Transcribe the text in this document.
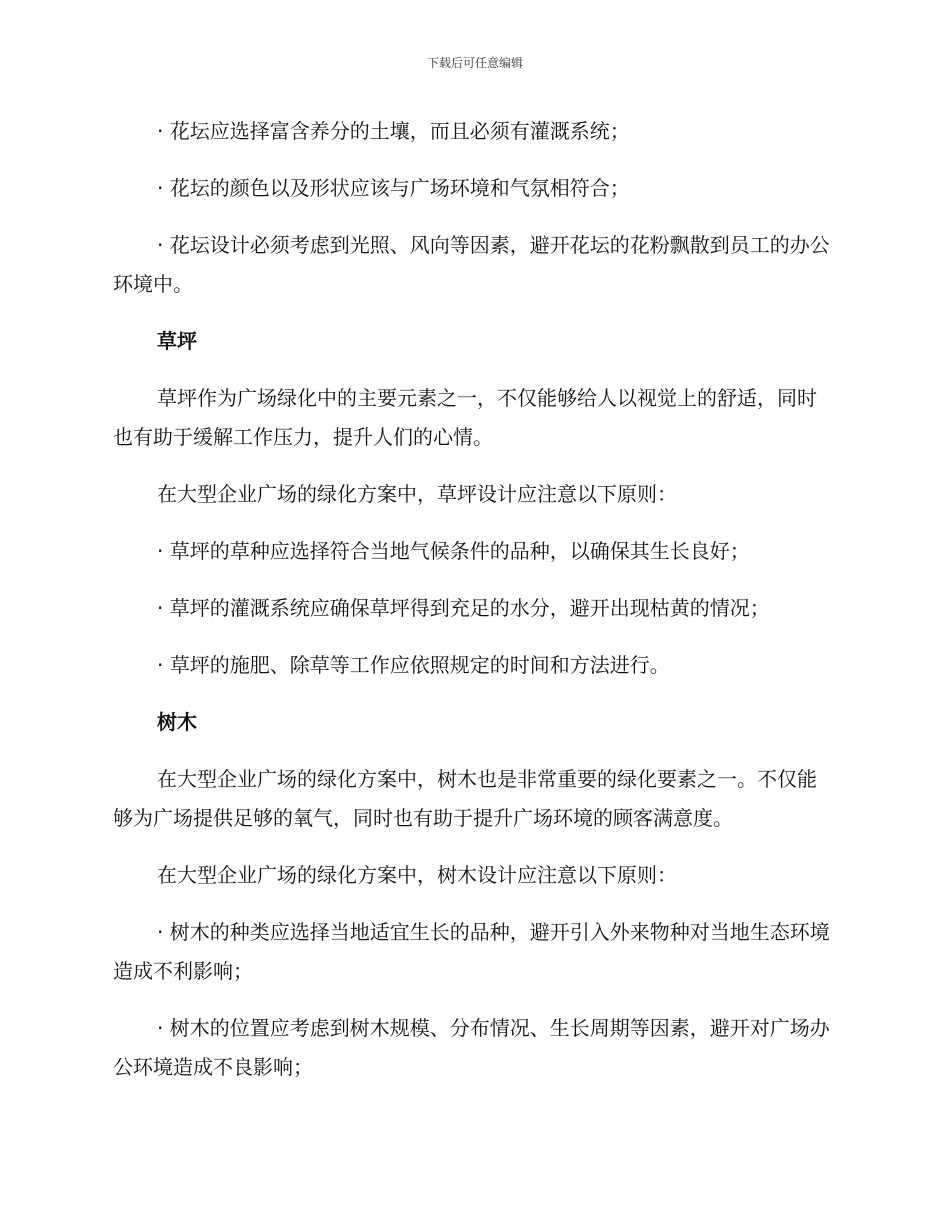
下载后可任意编辑

· 花坛应选择富含养分的土壤，而且必须有灌溉系统；

· 花坛的颜色以及形状应该与广场环境和气氛相符合；

· 花坛设计必须考虑到光照、风向等因素，避开花坛的花粉飘散到员工的办公环境中。

草坪

草坪作为广场绿化中的主要元素之一，不仅能够给人以视觉上的舒适，同时也有助于缓解工作压力，提升人们的心情。

在大型企业广场的绿化方案中，草坪设计应注意以下原则：

· 草坪的草种应选择符合当地气候条件的品种，以确保其生长良好；

· 草坪的灌溉系统应确保草坪得到充足的水分，避开出现枯黄的情况；

· 草坪的施肥、除草等工作应依照规定的时间和方法进行。

树木

在大型企业广场的绿化方案中，树木也是非常重要的绿化要素之一。不仅能够为广场提供足够的氧气，同时也有助于提升广场环境的顾客满意度。

在大型企业广场的绿化方案中，树木设计应注意以下原则：

· 树木的种类应选择当地适宜生长的品种，避开引入外来物种对当地生态环境造成不利影响；

· 树木的位置应考虑到树木规模、分布情况、生长周期等因素，避开对广场办公环境造成不良影响；
